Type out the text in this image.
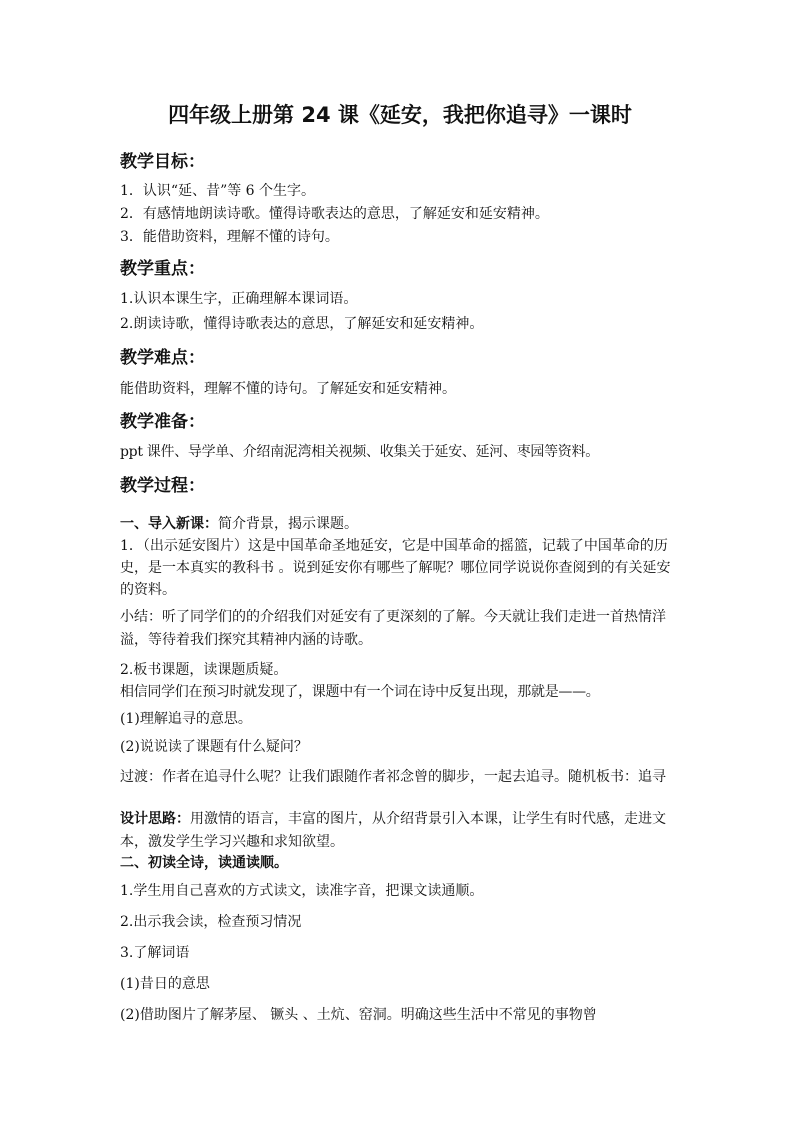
四年级上册第 24 课《延安，我把你追寻》一课时
教学目标：
1．认识“延、昔”等 6 个生字。
2．有感情地朗读诗歌。懂得诗歌表达的意思，了解延安和延安精神。
3．能借助资料，理解不懂的诗句。
教学重点：
1.认识本课生字，正确理解本课词语。
2.朗读诗歌，懂得诗歌表达的意思，了解延安和延安精神。
教学难点：
能借助资料，理解不懂的诗句。了解延安和延安精神。
教学准备：
ppt 课件、导学单、介绍南泥湾相关视频、收集关于延安、延河、枣园等资料。
教学过程：
一、导入新课：简介背景，揭示课题。
1．（出示延安图片）这是中国革命圣地延安，它是中国革命的摇篮，记载了中国革命的历史，是一本真实的教科书 。说到延安你有哪些了解呢？哪位同学说说你查阅到的有关延安的资料。
小结：听了同学们的的介绍我们对延安有了更深刻的了解。今天就让我们走进一首热情洋溢，等待着我们探究其精神内涵的诗歌。
2.板书课题，读课题质疑。
相信同学们在预习时就发现了，课题中有一个词在诗中反复出现，那就是——。
(1)理解追寻的意思。
(2)说说读了课题有什么疑问？
过渡：作者在追寻什么呢？让我们跟随作者祁念曾的脚步，一起去追寻。随机板书：追寻
设计思路：用激情的语言，丰富的图片，从介绍背景引入本课，让学生有时代感，走进文本，激发学生学习兴趣和求知欲望。
二、初读全诗，读通读顺。
1.学生用自己喜欢的方式读文，读准字音，把课文读通顺。
2.出示我会读，检查预习情况
3.了解词语
(1)昔日的意思
(2)借助图片了解茅屋、 镢头 、土炕、窑洞。明确这些生活中不常见的事物曾
